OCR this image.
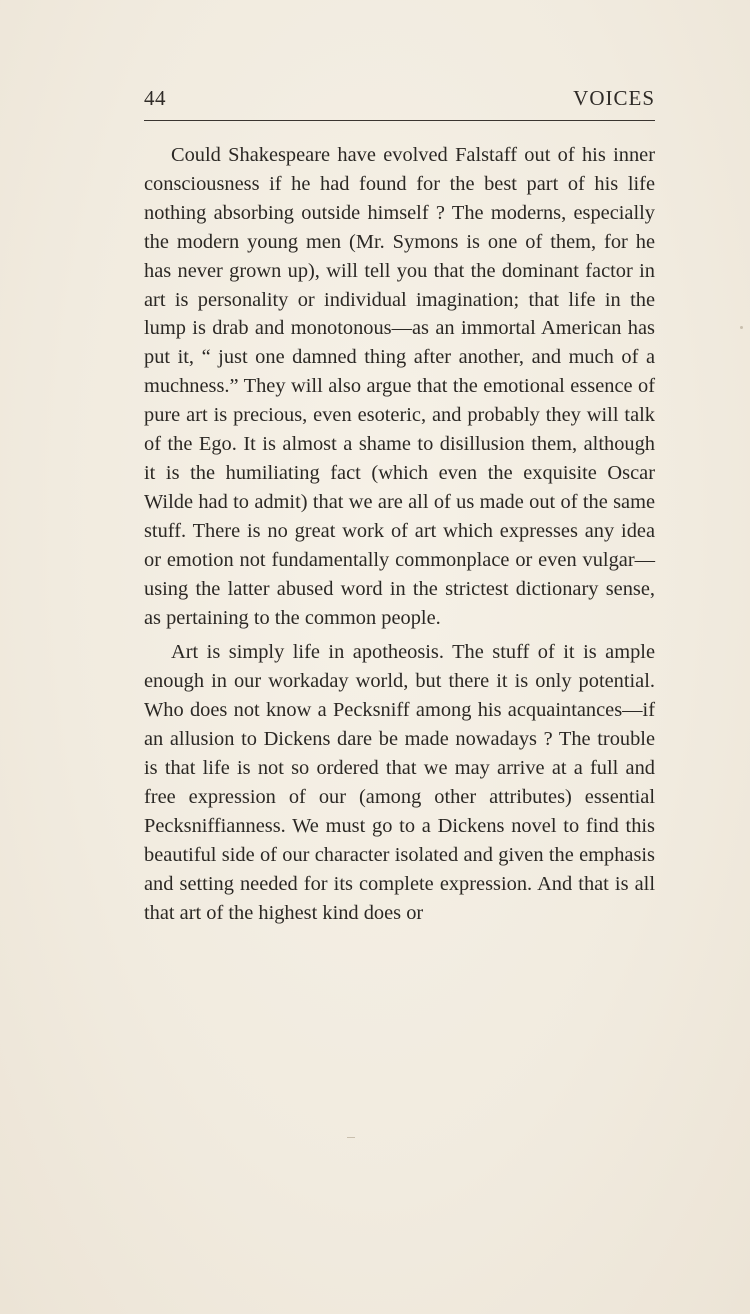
44	VOICES

Could Shakespeare have evolved Falstaff out of his inner consciousness if he had found for the best part of his life nothing absorbing outside himself ? The moderns, especially the modern young men (Mr. Symons is one of them, for he has never grown up), will tell you that the dominant factor in art is personality or individual imagination; that life in the lump is drab and monotonous—as an immortal American has put it, “ just one damned thing after another, and much of a muchness.” They will also argue that the emotional essence of pure art is precious, even esoteric, and probably they will talk of the Ego. It is almost a shame to disillusion them, although it is the humiliating fact (which even the exquisite Oscar Wilde had to admit) that we are all of us made out of the same stuff. There is no great work of art which expresses any idea or emotion not fundamentally commonplace or even vulgar—using the latter abused word in the strictest dictionary sense, as pertaining to the common people.

Art is simply life in apotheosis. The stuff of it is ample enough in our workaday world, but there it is only potential. Who does not know a Pecksniff among his acquaintances—if an allusion to Dickens dare be made nowadays ? The trouble is that life is not so ordered that we may arrive at a full and free expression of our (among other attributes) essential Pecksniffianness. We must go to a Dickens novel to find this beautiful side of our character isolated and given the emphasis and setting needed for its complete expression. And that is all that art of the highest kind does or
